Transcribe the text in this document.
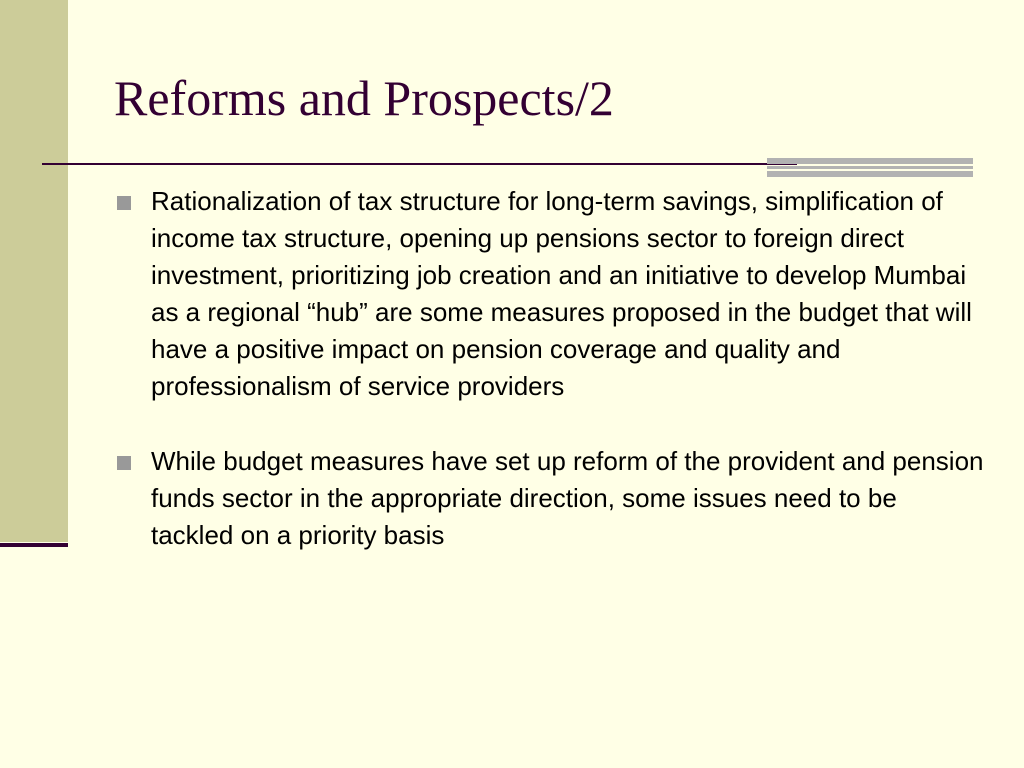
Reforms and Prospects/2
Rationalization of tax structure for long-term savings, simplification of income tax structure, opening up pensions sector to foreign direct investment, prioritizing job creation and an initiative to develop Mumbai as a regional “hub” are some measures proposed in the budget that will have a positive impact on pension coverage and quality and professionalism of service providers
While budget measures have set up reform of the provident and pension funds sector in the appropriate direction, some issues need to be tackled on a priority basis
